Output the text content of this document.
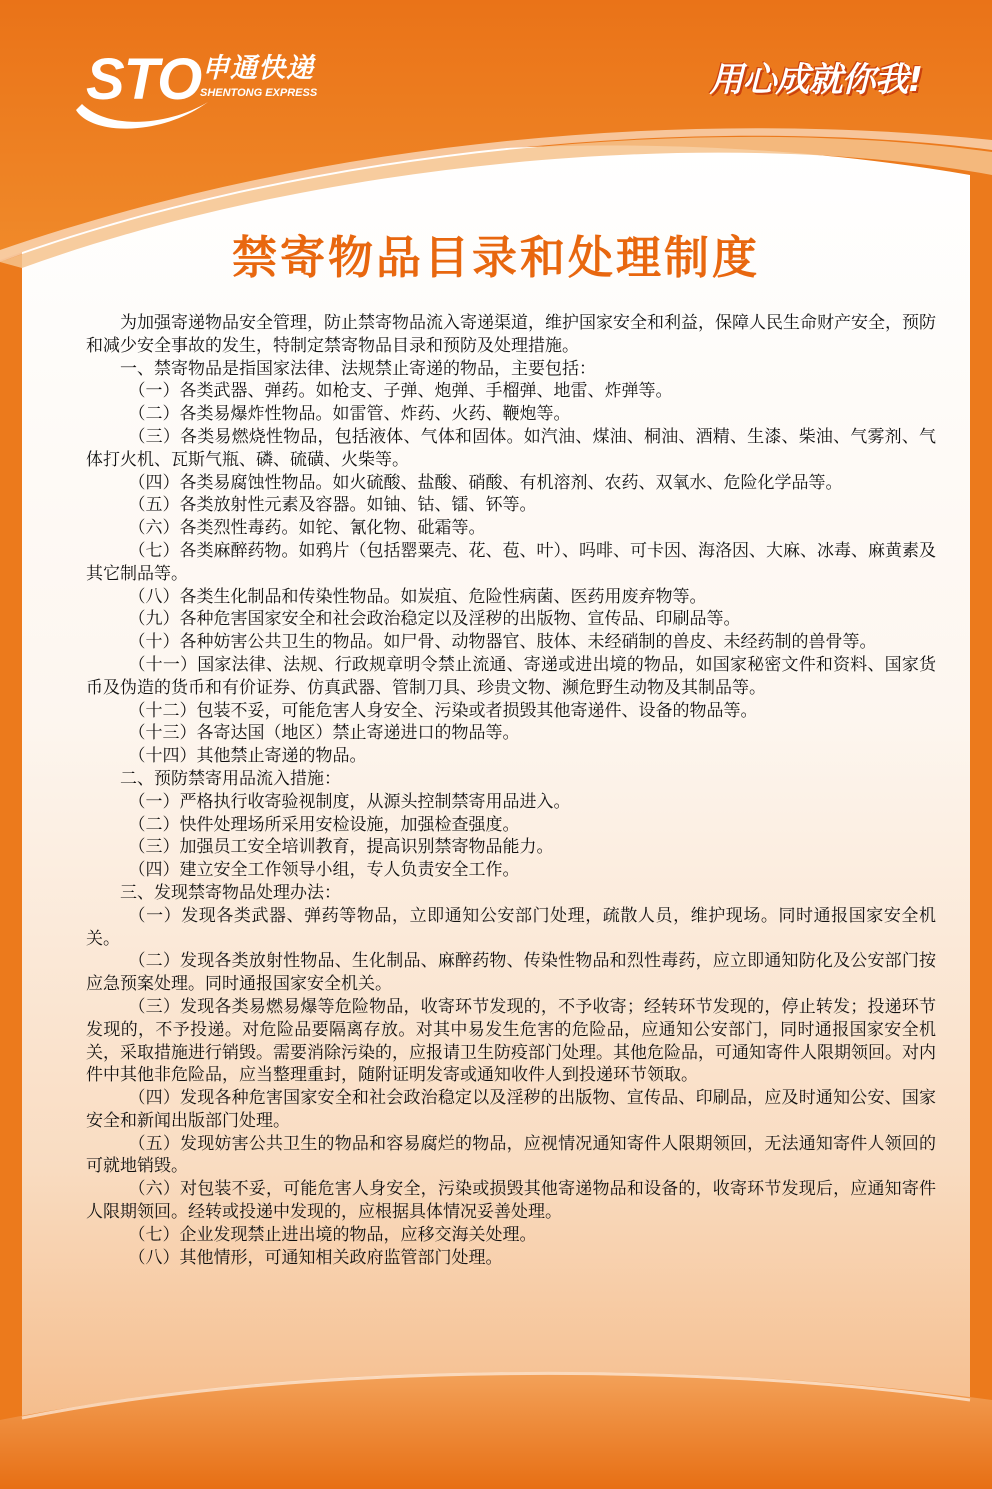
STO 申通快递
SHENTONG EXPRESS	用心成就你我!
禁寄物品目录和处理制度

为加强寄递物品安全管理，防止禁寄物品流入寄递渠道，维护国家安全和利益，保障人民生命财产安全，预防和减少安全事故的发生，特制定禁寄物品目录和预防及处理措施。

一、禁寄物品是指国家法律、法规禁止寄递的物品，主要包括：

（一）各类武器、弹药。如枪支、子弹、炮弹、手榴弹、地雷、炸弹等。

（二）各类易爆炸性物品。如雷管、炸药、火药、鞭炮等。

（三）各类易燃烧性物品，包括液体、气体和固体。如汽油、煤油、桐油、酒精、生漆、柴油、气雾剂、气体打火机、瓦斯气瓶、磷、硫磺、火柴等。

（四）各类易腐蚀性物品。如火硫酸、盐酸、硝酸、有机溶剂、农药、双氧水、危险化学品等。

（五）各类放射性元素及容器。如铀、钴、镭、钚等。

（六）各类烈性毒药。如铊、氰化物、砒霜等。

（七）各类麻醉药物。如鸦片（包括罂粟壳、花、苞、叶）、吗啡、可卡因、海洛因、大麻、冰毒、麻黄素及其它制品等。

（八）各类生化制品和传染性物品。如炭疽、危险性病菌、医药用废弃物等。

（九）各种危害国家安全和社会政治稳定以及淫秽的出版物、宣传品、印刷品等。

（十）各种妨害公共卫生的物品。如尸骨、动物器官、肢体、未经硝制的兽皮、未经药制的兽骨等。

（十一）国家法律、法规、行政规章明令禁止流通、寄递或进出境的物品，如国家秘密文件和资料、国家货币及伪造的货币和有价证券、仿真武器、管制刀具、珍贵文物、濒危野生动物及其制品等。

（十二）包装不妥，可能危害人身安全、污染或者损毁其他寄递件、设备的物品等。

（十三）各寄达国（地区）禁止寄递进口的物品等。

（十四）其他禁止寄递的物品。

二、预防禁寄用品流入措施：

（一）严格执行收寄验视制度，从源头控制禁寄用品进入。

（二）快件处理场所采用安检设施，加强检查强度。

（三）加强员工安全培训教育，提高识别禁寄物品能力。

（四）建立安全工作领导小组，专人负责安全工作。

三、发现禁寄物品处理办法：

（一）发现各类武器、弹药等物品，立即通知公安部门处理，疏散人员，维护现场。同时通报国家安全机关。

（二）发现各类放射性物品、生化制品、麻醉药物、传染性物品和烈性毒药，应立即通知防化及公安部门按应急预案处理。同时通报国家安全机关。

（三）发现各类易燃易爆等危险物品，收寄环节发现的，不予收寄；经转环节发现的，停止转发；投递环节发现的，不予投递。对危险品要隔离存放。对其中易发生危害的危险品，应通知公安部门，同时通报国家安全机关，采取措施进行销毁。需要消除污染的，应报请卫生防疫部门处理。其他危险品，可通知寄件人限期领回。对内件中其他非危险品，应当整理重封，随附证明发寄或通知收件人到投递环节领取。

（四）发现各种危害国家安全和社会政治稳定以及淫秽的出版物、宣传品、印刷品，应及时通知公安、国家安全和新闻出版部门处理。

（五）发现妨害公共卫生的物品和容易腐烂的物品，应视情况通知寄件人限期领回，无法通知寄件人领回的可就地销毁。

（六）对包装不妥，可能危害人身安全，污染或损毁其他寄递物品和设备的，收寄环节发现后，应通知寄件人限期领回。经转或投递中发现的，应根据具体情况妥善处理。

（七）企业发现禁止进出境的物品，应移交海关处理。

（八）其他情形，可通知相关政府监管部门处理。
